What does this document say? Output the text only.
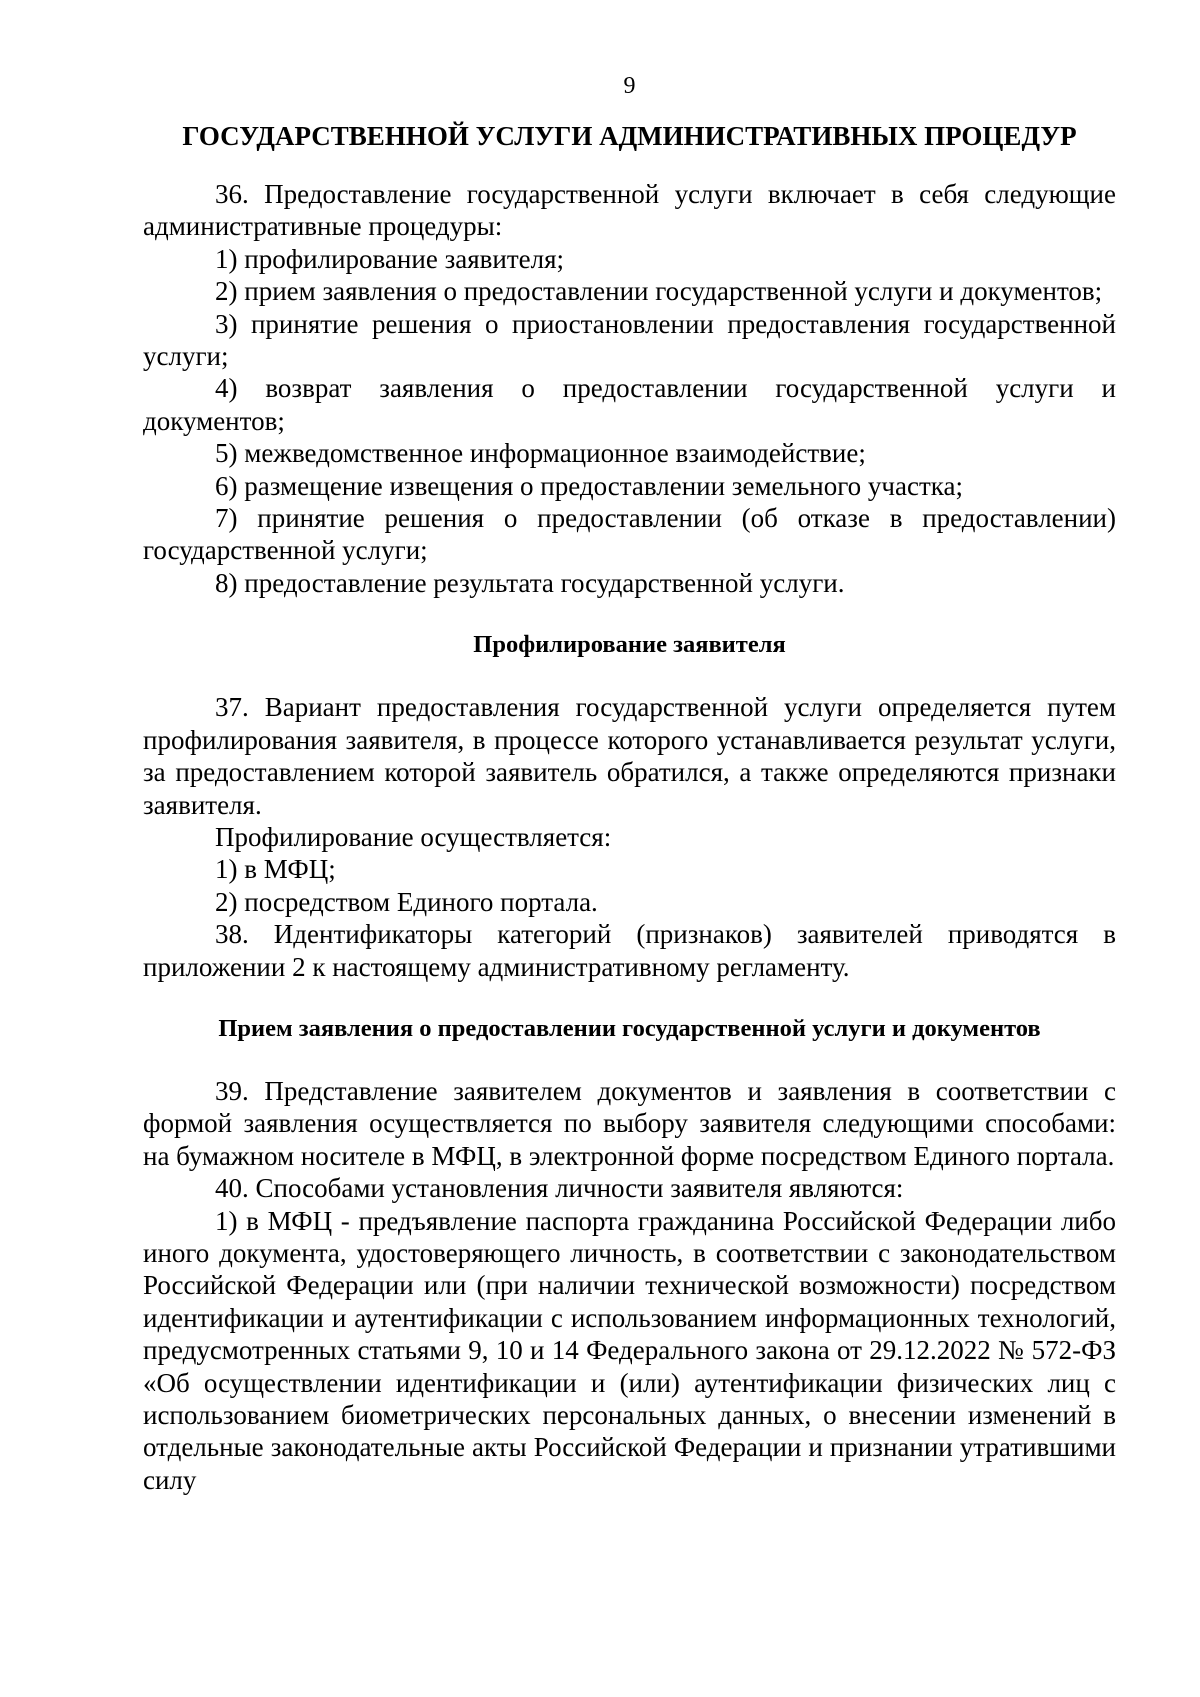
9
ГОСУДАРСТВЕННОЙ УСЛУГИ АДМИНИСТРАТИВНЫХ ПРОЦЕДУР

36. Предоставление государственной услуги включает в себя следующие административные процедуры:

1) профилирование заявителя;

2) прием заявления о предоставлении государственной услуги и документов;

3) принятие решения о приостановлении предоставления государственной услуги;

4) возврат заявления о предоставлении государственной услуги и документов;

5) межведомственное информационное взаимодействие;

6) размещение извещения о предоставлении земельного участка;

7) принятие решения о предоставлении (об отказе в предоставлении) государственной услуги;

8) предоставление результата государственной услуги.

Профилирование заявителя

37. Вариант предоставления государственной услуги определяется путем профилирования заявителя, в процессе которого устанавливается результат услуги, за предоставлением которой заявитель обратился, а также определяются признаки заявителя.

Профилирование осуществляется:

1) в МФЦ;

2) посредством Единого портала.

38. Идентификаторы категорий (признаков) заявителей приводятся в приложении 2 к настоящему административному регламенту.

Прием заявления о предоставлении государственной услуги и документов

39. Представление заявителем документов и заявления в соответствии с формой заявления осуществляется по выбору заявителя следующими способами: на бумажном носителе в МФЦ, в электронной форме посредством Единого портала.

40. Способами установления личности заявителя являются:

1) в МФЦ - предъявление паспорта гражданина Российской Федерации либо иного документа, удостоверяющего личность, в соответствии с законодательством Российской Федерации или (при наличии технической возможности) посредством идентификации и аутентификации с использованием информационных технологий, предусмотренных статьями 9, 10 и 14 Федерального закона от 29.12.2022 № 572-ФЗ «Об осуществлении идентификации и (или) аутентификации физических лиц с использованием биометрических персональных данных, о внесении изменений в отдельные законодательные акты Российской Федерации и признании утратившими силу
